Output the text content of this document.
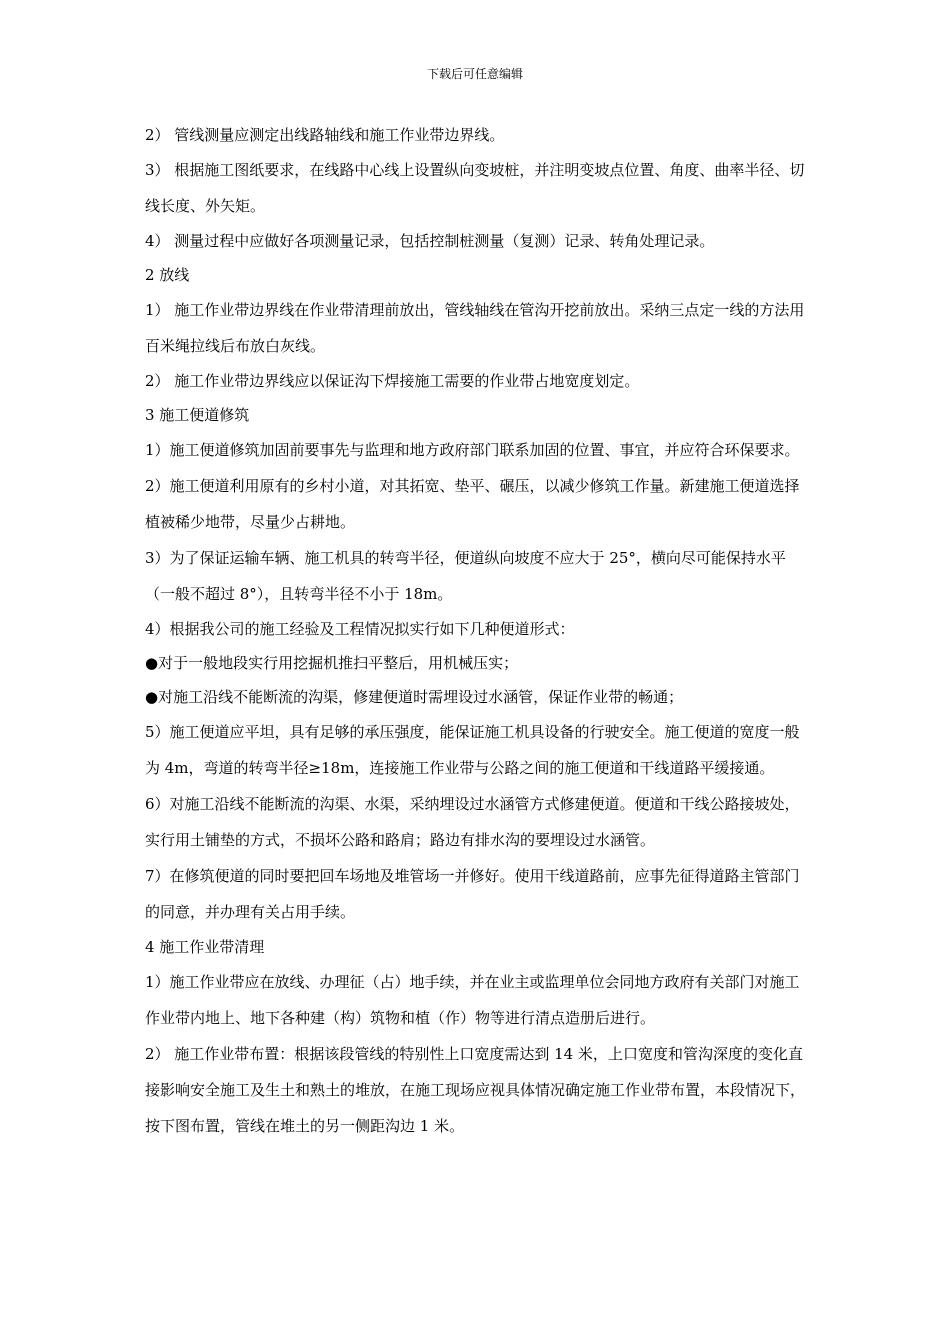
下载后可任意编辑

2） 管线测量应测定出线路轴线和施工作业带边界线。

3） 根据施工图纸要求，在线路中心线上设置纵向变坡桩，并注明变坡点位置、角度、曲率半径、切线长度、外矢矩。

4） 测量过程中应做好各项测量记录，包括控制桩测量（复测）记录、转角处理记录。

2 放线

1） 施工作业带边界线在作业带清理前放出，管线轴线在管沟开挖前放出。采纳三点定一线的方法用百米绳拉线后布放白灰线。

2） 施工作业带边界线应以保证沟下焊接施工需要的作业带占地宽度划定。

3 施工便道修筑

1）施工便道修筑加固前要事先与监理和地方政府部门联系加固的位置、事宜，并应符合环保要求。

2）施工便道利用原有的乡村小道，对其拓宽、垫平、碾压，以减少修筑工作量。新建施工便道选择植被稀少地带，尽量少占耕地。

3）为了保证运输车辆、施工机具的转弯半径，便道纵向坡度不应大于 25°，横向尽可能保持水平（一般不超过 8°），且转弯半径不小于 18m。

4）根据我公司的施工经验及工程情况拟实行如下几种便道形式：

●对于一般地段实行用挖掘机推扫平整后，用机械压实；

●对施工沿线不能断流的沟渠，修建便道时需埋设过水涵管，保证作业带的畅通；

5）施工便道应平坦，具有足够的承压强度，能保证施工机具设备的行驶安全。施工便道的宽度一般为 4m，弯道的转弯半径≥18m，连接施工作业带与公路之间的施工便道和干线道路平缓接通。

6）对施工沿线不能断流的沟渠、水渠，采纳埋设过水涵管方式修建便道。便道和干线公路接坡处，实行用土铺垫的方式，不损坏公路和路肩；路边有排水沟的要埋设过水涵管。

7）在修筑便道的同时要把回车场地及堆管场一并修好。使用干线道路前，应事先征得道路主管部门的同意，并办理有关占用手续。

4 施工作业带清理

1）施工作业带应在放线、办理征（占）地手续，并在业主或监理单位会同地方政府有关部门对施工作业带内地上、地下各种建（构）筑物和植（作）物等进行清点造册后进行。

2） 施工作业带布置：根据该段管线的特别性上口宽度需达到 14 米，上口宽度和管沟深度的变化直接影响安全施工及生土和熟土的堆放，在施工现场应视具体情况确定施工作业带布置，本段情况下，按下图布置，管线在堆土的另一侧距沟边 1 米。
